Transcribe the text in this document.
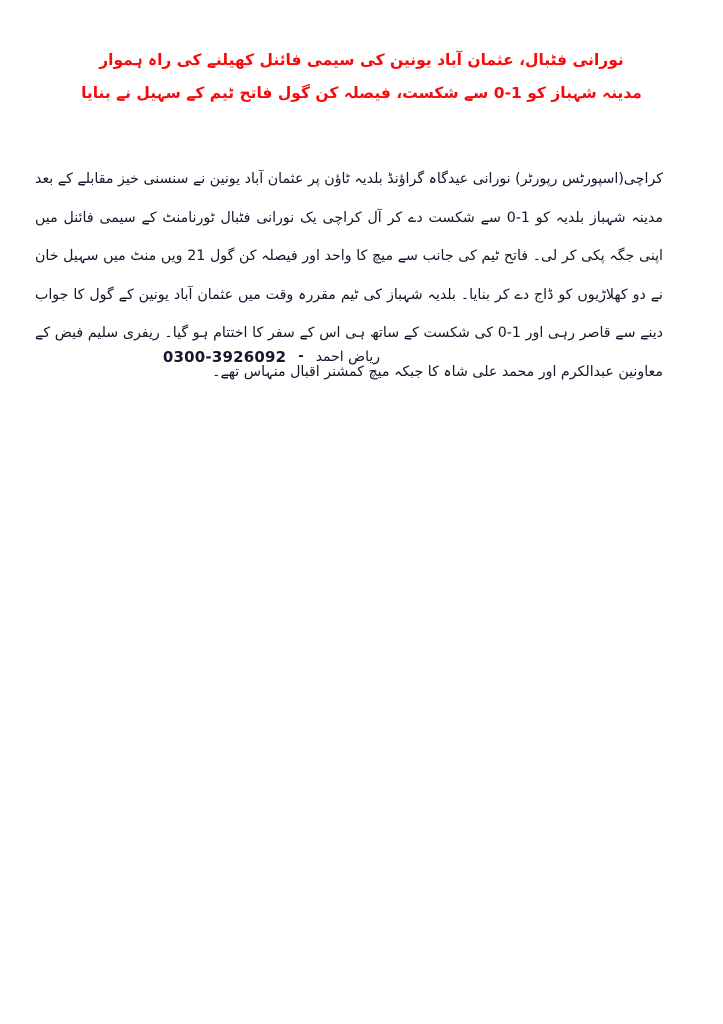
نورانی فٹبال، عثمان آباد یونین کی سیمی فائنل کھیلنے کی راہ ہموار
مدینہ شہباز کو 1-0 سے شکست، فیصلہ کن گول فاتح ٹیم کے سہیل نے بنایا

کراچی(اسپورٹس رپورٹر) نورانی عیدگاہ گراؤنڈ بلدیہ ٹاؤن پر عثمان آباد یونین نے سنسنی خیز مقابلے کے بعد مدینہ شہباز بلدیہ کو 1-0 سے شکست دے کر آل کراچی یک نورانی فٹبال ٹورنامنٹ کے سیمی فائنل میں اپنی جگہ پکی کر لی۔ فاتح ٹیم کی جانب سے میچ کا واحد اور فیصلہ کن گول 21 ویں منٹ میں سہیل خان نے دو کھلاڑیوں کو ڈاج دے کر بنایا۔ بلدیہ شہباز کی ٹیم مقررہ وقت میں عثمان آباد یونین کے گول کا جواب دینے سے قاصر رہی اور 1-0 کی شکست کے ساتھ ہی اس کے سفر کا اختتام ہو گیا۔ ریفری سلیم فیض کے معاونین عبدالکرم اور محمد علی شاہ کا جبکہ میچ کمشنر اقبال منہاس تھے۔

ریاض احمد
-
0300-3926092
